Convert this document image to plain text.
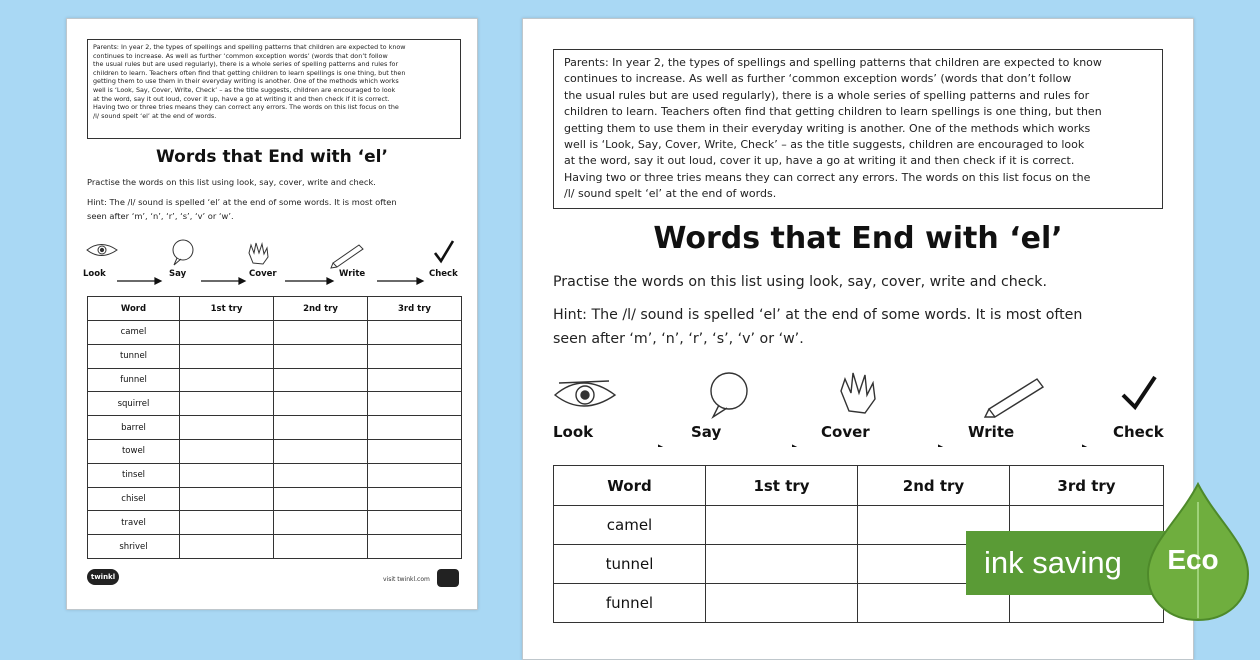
Parents: In year 2, the types of spellings and spelling patterns that children are expected to know
continues to increase. As well as further ‘common exception words’ (words that don’t follow
the usual rules but are used regularly), there is a whole series of spelling patterns and rules for
children to learn. Teachers often find that getting children to learn spellings is one thing, but then
getting them to use them in their everyday writing is another. One of the methods which works
well is ‘Look, Say, Cover, Write, Check’ – as the title suggests, children are encouraged to look
at the word, say it out loud, cover it up, have a go at writing it and then check if it is correct.
Having two or three tries means they can correct any errors. The words on this list focus on the
/l/ sound spelt ‘el’ at the end of words.
Words that End with ‘el’
Practise the words on this list using look, say, cover, write and check.
Hint: The /l/ sound is spelled ‘el’ at the end of some words. It is most often
seen after ‘m’, ‘n’, ‘r’, ‘s’, ‘v’ or ‘w’.
Look	Say	Cover	Write	Check
Word	1st try	2nd try	3rd try
camel			
tunnel			
funnel			
squirrel			
barrel			
towel			
tinsel			
chisel			
travel			
shrivel			
twinkl	visit twinkl.com
Parents: In year 2, the types of spellings and spelling patterns that children are expected to know
continues to increase. As well as further ‘common exception words’ (words that don’t follow
the usual rules but are used regularly), there is a whole series of spelling patterns and rules for
children to learn. Teachers often find that getting children to learn spellings is one thing, but then
getting them to use them in their everyday writing is another. One of the methods which works
well is ‘Look, Say, Cover, Write, Check’ – as the title suggests, children are encouraged to look
at the word, say it out loud, cover it up, have a go at writing it and then check if it is correct.
Having two or three tries means they can correct any errors. The words on this list focus on the
/l/ sound spelt ‘el’ at the end of words.
Words that End with ‘el’
Practise the words on this list using look, say, cover, write and check.
Hint: The /l/ sound is spelled ‘el’ at the end of some words. It is most often
seen after ‘m’, ‘n’, ‘r’, ‘s’, ‘v’ or ‘w’.
Look	Say	Cover	Write	Check
Word	1st try	2nd try	3rd try
camel			
tunnel			
funnel			
ink saving	Eco
